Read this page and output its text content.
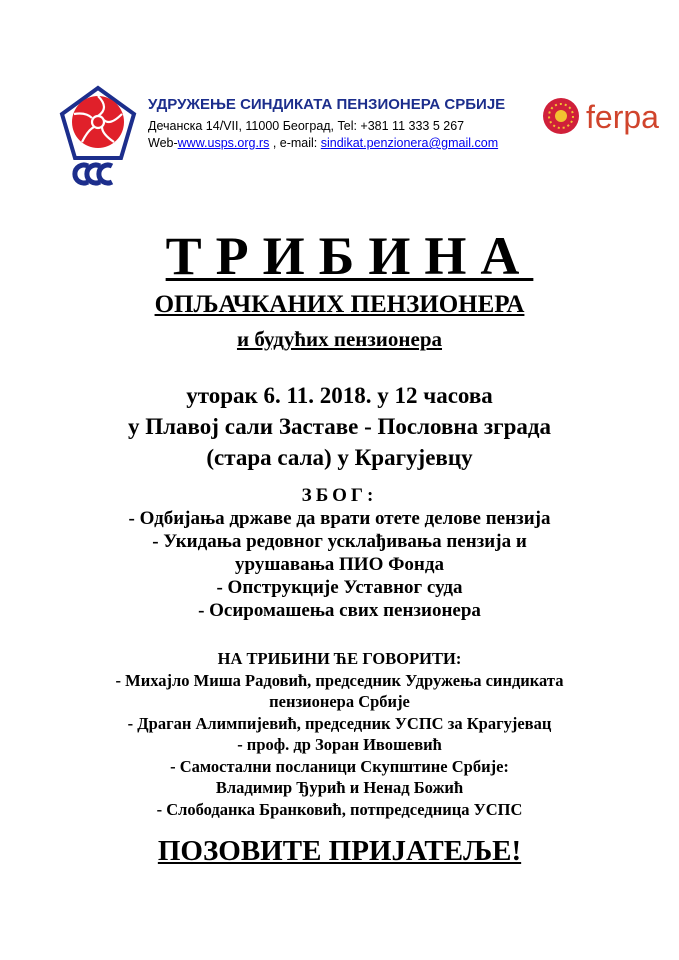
УДРУЖЕЊЕ СИНДИКАТА ПЕНЗИОНЕРА СРБИЈЕ

Дечанска 14/VII, 11000 Београд, Tel: +381 11 333 5 267

Web-www.usps.org.rs , e-mail: sindikat.penzionera@gmail.com

ferpa
ТРИБИНА
ОПЉАЧКАНИХ ПЕНЗИОНЕРА
и будућих пензионера
уторак 6. 11. 2018. у 12 часова
у Плавој сали Заставе - Пословна зграда
(стара сала) у Крагујевцу
ЗБОГ:
- Одбијања државе да врати отете делове пензија
- Укидања редовног усклађивања пензија и
урушавања ПИО Фонда
- Опструкције Уставног суда
- Осиромашења свих пензионера
НА ТРИБИНИ ЋЕ ГОВОРИТИ:
- Михајло Миша Радовић, председник Удружења синдиката
пензионера Србије
- Драган Алимпијевић, председник УСПС за Крагујевац
- проф. др Зоран Ивошевић
- Самостални посланици Скупштине Србије:
Владимир Ђурић и Ненад Божић
- Слободанка Бранковић, потпредседница УСПС
ПОЗОВИТЕ ПРИЈАТЕЉЕ!
